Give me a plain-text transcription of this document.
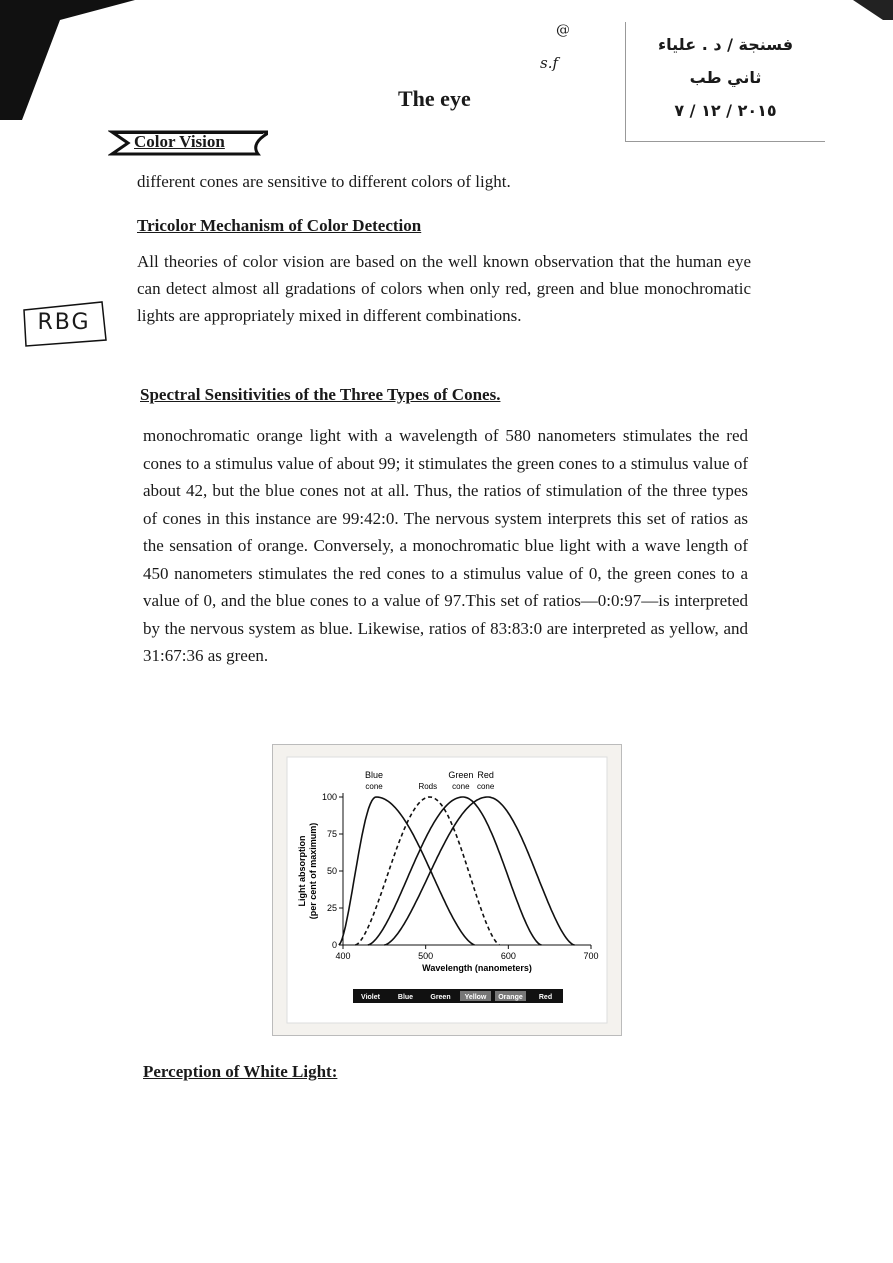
The eye
@
s.f
فسنجة / د . علياء
ثاني طب
٢٠١٥ / ١٢ / ٧
Color Vision

different cones are sensitive to different colors of light.

Tricolor Mechanism of Color Detection

All theories of color vision are based on the well known observation that the human eye can detect almost all gradations of colors when only red, green and blue monochromatic lights are appropriately mixed in different combinations.

RBG
Spectral Sensitivities of the Three Types of Cones.

monochromatic orange light with a wavelength of 580 nanometers stimulates the red cones to a stimulus value of about 99; it stimulates the green cones to a stimulus value of about 42, but the blue cones not at all. Thus, the ratios of stimulation of the three types of cones in this instance are 99:42:0. The nervous system interprets this set of ratios as the sensation of orange. Conversely, a monochromatic blue light with a wave length of 450 nanometers stimulates the red cones to a stimulus value of 0, the green cones to a value of 0, and the blue cones to a value of 97.This set of ratios—0:0:97—is interpreted by the nervous system as blue. Likewise, ratios of 83:83:0 are interpreted as yellow, and 31:67:36 as green.

0
25
50
75
100
400	500	600	700
Wavelength (nanometers)
Light absorption (per cent of maximum)
Blue
cone	Rods
Green
cone
Red
cone
Violet	Blue Green Yellow Orange Red
Perception of White Light:
